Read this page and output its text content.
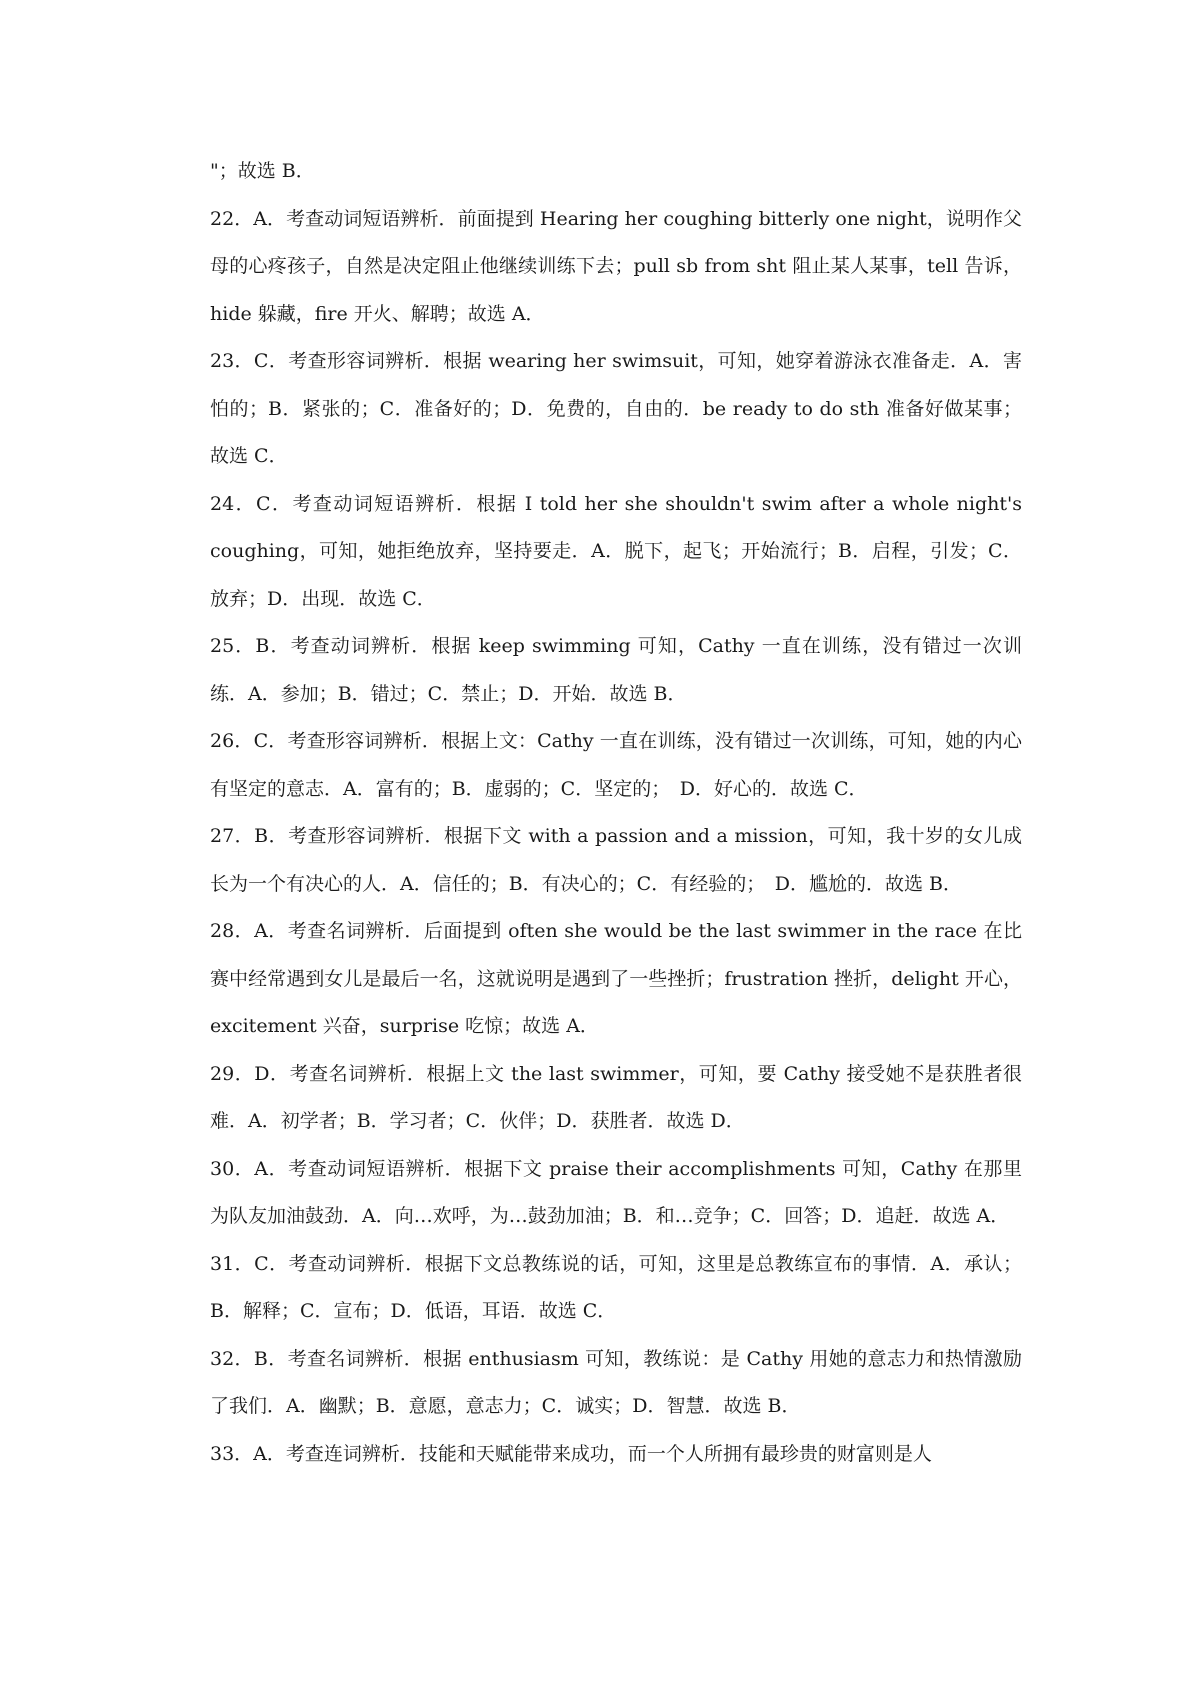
"；故选 B．

22．A．考查动词短语辨析．前面提到 Hearing her coughing bitterly one night，说明作父母的心疼孩子，自然是决定阻止他继续训练下去；pull sb from sht 阻止某人某事，tell 告诉，hide 躲藏，fire 开火、解聘；故选 A．

23．C．考查形容词辨析．根据 wearing her swimsuit，可知，她穿着游泳衣准备走．A．害怕的；B．紧张的；C．准备好的；D．免费的，自由的．be ready to do sth 准备好做某事；故选 C．

24．C．考查动词短语辨析．根据 I told her she shouldn't swim after a whole night's coughing，可知，她拒绝放弃，坚持要走．A．脱下，起飞；开始流行；B．启程，引发；C．放弃；D．出现．故选 C．

25．B．考查动词辨析．根据 keep swimming 可知，Cathy 一直在训练，没有错过一次训练．A．参加；B．错过；C．禁止；D．开始．故选 B．

26．C．考查形容词辨析．根据上文：Cathy 一直在训练，没有错过一次训练，可知，她的内心有坚定的意志．A．富有的；B．虚弱的；C．坚定的；　D．好心的．故选 C．

27．B．考查形容词辨析．根据下文 with a passion and a mission，可知，我十岁的女儿成长为一个有决心的人．A．信任的；B．有决心的；C．有经验的；　D．尴尬的．故选 B．

28．A．考查名词辨析．后面提到 often she would be the last swimmer in the race 在比赛中经常遇到女儿是最后一名，这就说明是遇到了一些挫折；frustration 挫折，delight 开心，excitement 兴奋，surprise 吃惊；故选 A．

29．D．考查名词辨析．根据上文 the last swimmer，可知，要 Cathy 接受她不是获胜者很难．A．初学者；B．学习者；C．伙伴；D．获胜者．故选 D．

30．A．考查动词短语辨析．根据下文 praise their accomplishments 可知，Cathy 在那里为队友加油鼓劲．A．向…欢呼，为…鼓劲加油；B．和…竞争；C．回答；D．追赶．故选 A．

31．C．考查动词辨析．根据下文总教练说的话，可知，这里是总教练宣布的事情．A．承认；B．解释；C．宣布；D．低语，耳语．故选 C．

32．B．考查名词辨析．根据 enthusiasm 可知，教练说：是 Cathy 用她的意志力和热情激励了我们．A．幽默；B．意愿，意志力；C．诚实；D．智慧．故选 B．

33．A．考查连词辨析．技能和天赋能带来成功，而一个人所拥有最珍贵的财富则是人
